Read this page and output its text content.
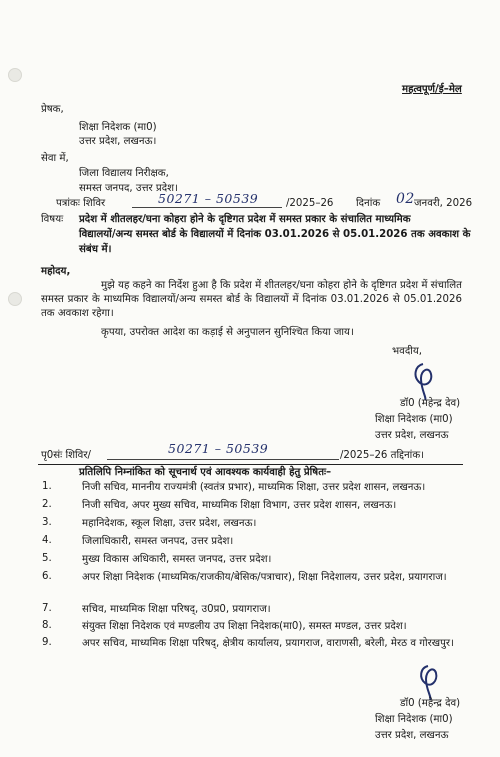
महत्वपूर्ण/ई–मेल
प्रेषक,
शिक्षा निदेशक (मा0)
उत्तर प्रदेश, लखनऊ।
सेवा में,
जिला विद्यालय निरीक्षक,
समस्त जनपद, उत्तर प्रदेश।
पत्रांकः शिविर	50271 – 50539	/2025–26 दिनांक 02 जनवरी, 2026
विषयः प्रदेश में शीतलहर/घना कोहरा होने के दृष्टिगत प्रदेश में समस्त प्रकार के संचालित माध्यमिक
विद्यालयों/अन्य समस्त बोर्ड के विद्यालयों में दिनांक 03.01.2026 से 05.01.2026 तक अवकाश के
संबंध में।
महोदय,
मुझे यह कहने का निर्देश हुआ है कि प्रदेश में शीतलहर/घना कोहरा होने के दृष्टिगत प्रदेश में संचालित समस्त प्रकार के माध्यमिक विद्यालयों/अन्य समस्त बोर्ड के विद्यालयों में दिनांक 03.01.2026 से 05.01.2026 तक अवकाश रहेगा।
कृपया, उपरोक्त आदेश का कड़ाई से अनुपालन सुनिश्चित किया जाय।
भवदीय,
डॉ0 (महेन्द्र देव)
शिक्षा निदेशक (मा0)
उत्तर प्रदेश, लखनऊ
पृ0संः शिविर/	50271 – 50539	/2025–26 तद्दिनांक।
प्रतिलिपि निम्नांकित को सूचनार्थ एवं आवश्यक कार्यवाही हेतु प्रेषितः–
1.	निजी सचिव, माननीय राज्यमंत्री (स्वतंत्र प्रभार), माध्यमिक शिक्षा, उत्तर प्रदेश शासन, लखनऊ।
2.	निजी सचिव, अपर मुख्य सचिव, माध्यमिक शिक्षा विभाग, उत्तर प्रदेश शासन, लखनऊ।
3.	महानिदेशक, स्कूल शिक्षा, उत्तर प्रदेश, लखनऊ।
4.	जिलाधिकारी, समस्त जनपद, उत्तर प्रदेश।
5.	मुख्य विकास अधिकारी, समस्त जनपद, उत्तर प्रदेश।
6.	अपर शिक्षा निदेशक (माध्यमिक/राजकीय/बेसिक/पत्राचार), शिक्षा निदेशालय, उत्तर प्रदेश, प्रयागराज।
7.	सचिव, माध्यमिक शिक्षा परिषद्, उ0प्र0, प्रयागराज।
8.	संयुक्त शिक्षा निदेशक एवं मण्डलीय उप शिक्षा निदेशक(मा0), समस्त मण्डल, उत्तर प्रदेश।
9.	अपर सचिव, माध्यमिक शिक्षा परिषद्, क्षेत्रीय कार्यालय, प्रयागराज, वाराणसी, बरेली, मेरठ व गोरखपुर।
डॉ0 (महेन्द्र देव)
शिक्षा निदेशक (मा0)
उत्तर प्रदेश, लखनऊ
